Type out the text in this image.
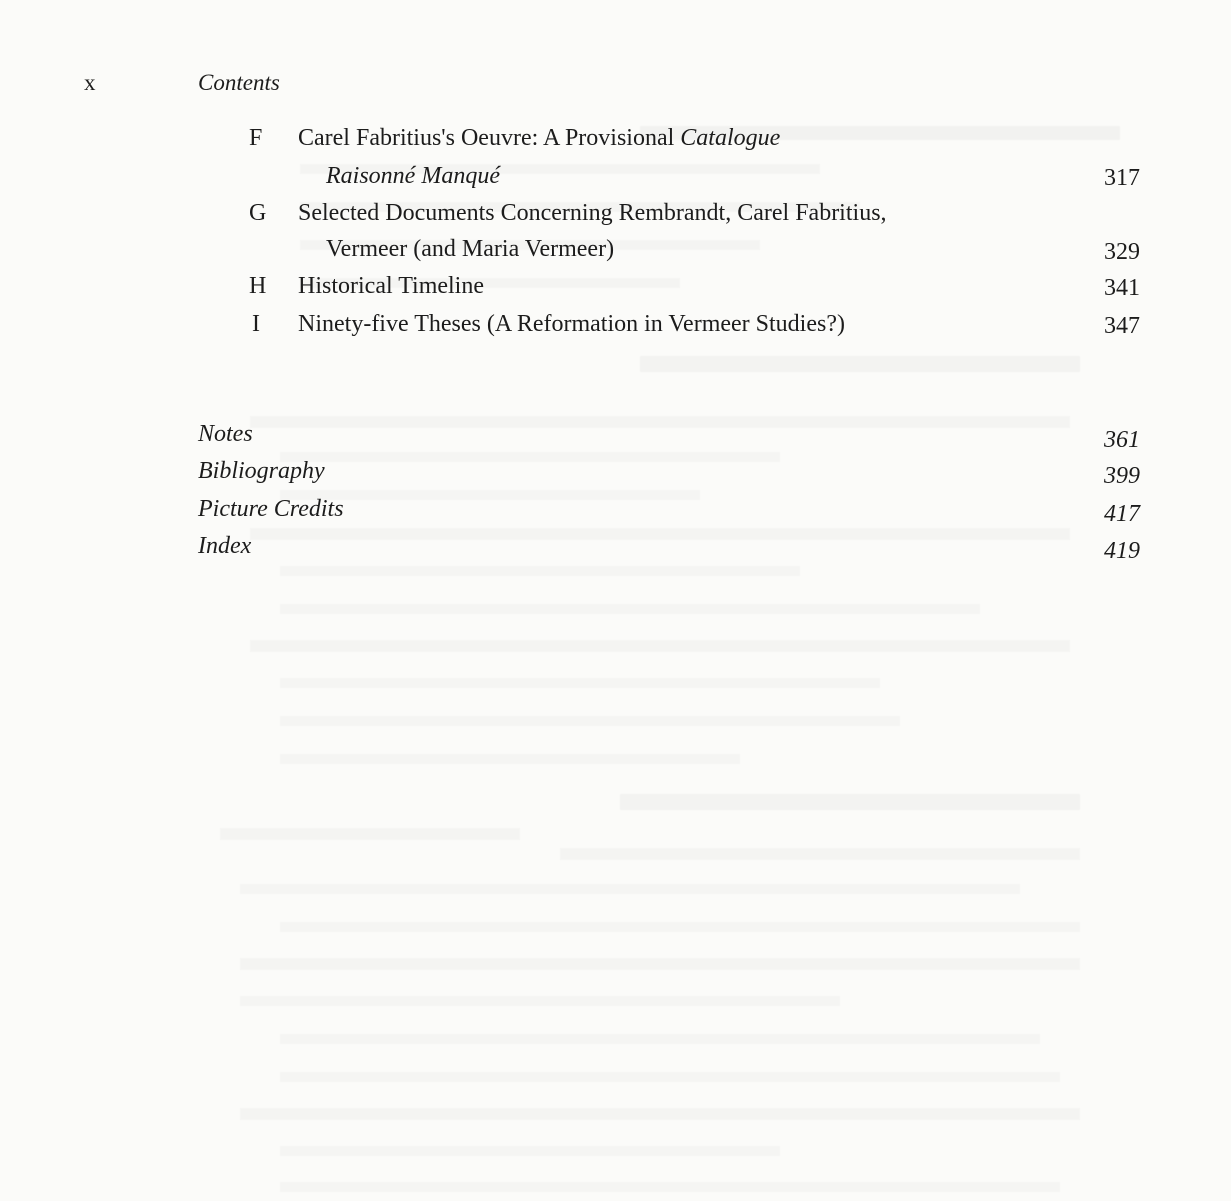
x	Contents
F Carel Fabritius's Oeuvre: A Provisional Catalogue
Raisonné Manqué	317
G Selected Documents Concerning Rembrandt, Carel Fabritius,
Vermeer (and Maria Vermeer)	329
H Historical Timeline	341
I Ninety-five Theses (A Reformation in Vermeer Studies?)	347
Notes	361
Bibliography	399
Picture Credits	417
Index	419
